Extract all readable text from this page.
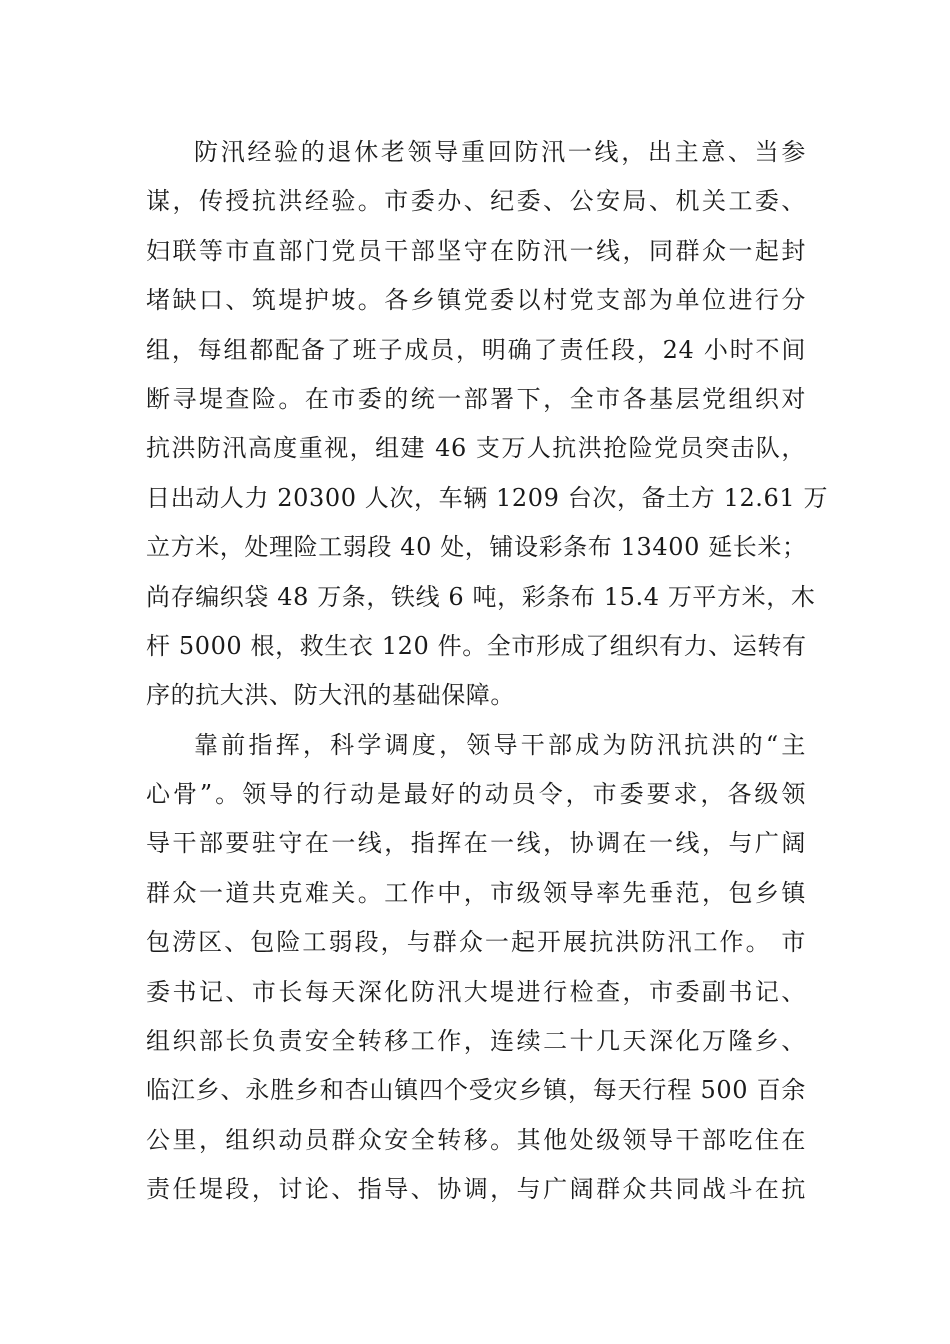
防汛经验的退休老领导重回防汛一线，出主意、当参
谋，传授抗洪经验。市委办、纪委、公安局、机关工委、
妇联等市直部门党员干部坚守在防汛一线，同群众一起封
堵缺口、筑堤护坡。各乡镇党委以村党支部为单位进行分
组，每组都配备了班子成员，明确了责任段，24 小时不间
断寻堤查险。在市委的统一部署下，全市各基层党组织对
抗洪防汛高度重视，组建 46 支万人抗洪抢险党员突击队，
日出动人力 20300 人次，车辆 1209 台次，备土方 12.61 万
立方米，处理险工弱段 40 处，铺设彩条布 13400 延长米；
尚存编织袋 48 万条，铁线 6 吨，彩条布 15.4 万平方米，木
杆 5000 根，救生衣 120 件。全市形成了组织有力、运转有
序的抗大洪、防大汛的基础保障。
靠前指挥，科学调度，领导干部成为防汛抗洪的“主
心骨”。领导的行动是最好的动员令，市委要求，各级领
导干部要驻守在一线，指挥在一线，协调在一线，与广阔
群众一道共克难关。工作中，市级领导率先垂范，包乡镇
包涝区、包险工弱段，与群众一起开展抗洪防汛工作。 市
委书记、市长每天深化防汛大堤进行检查，市委副书记、
组织部长负责安全转移工作，连续二十几天深化万隆乡、
临江乡、永胜乡和杏山镇四个受灾乡镇，每天行程 500 百余
公里，组织动员群众安全转移。其他处级领导干部吃住在
责任堤段，讨论、指导、协调，与广阔群众共同战斗在抗
